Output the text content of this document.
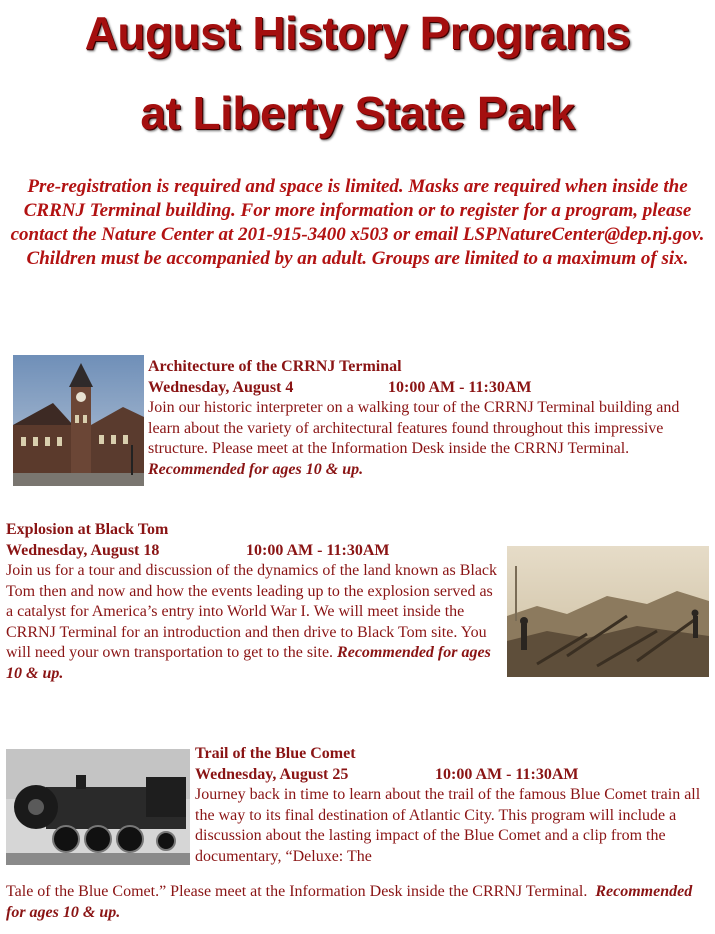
August History Programs
at Liberty State Park
Pre-registration is required and space is limited. Masks are required when inside the CRRNJ Terminal building. For more information or to register for a program, please contact the Nature Center at 201-915-3400 x503 or email LSPNatureCenter@dep.nj.gov. Children must be accompanied by an adult. Groups are limited to a maximum of six.

Architecture of the CRRNJ Terminal

Wednesday, August 4	10:00 AM - 11:30AM

Join our historic interpreter on a walking tour of the CRRNJ Terminal building and learn about the variety of architectural features found throughout this impressive structure. Please meet at the Information Desk inside the CRRNJ Terminal. Recommended for ages 10 & up.

Explosion at Black Tom

Wednesday, August 18	10:00 AM - 11:30AM

Join us for a tour and discussion of the dynamics of the land known as Black Tom then and now and how the events leading up to the explosion served as a catalyst for America’s entry into World War I. We will meet inside the CRRNJ Terminal for an introduction and then drive to Black Tom site. You will need your own transportation to get to the site. Recommended for ages 10 & up.

Trail of the Blue Comet

Wednesday, August 25	10:00 AM - 11:30AM

Journey back in time to learn about the trail of the famous Blue Comet train all the way to its final destination of Atlantic City. This program will include a discussion about the lasting impact of the Blue Comet and a clip from the documentary, “Deluxe: The

Tale of the Blue Comet.” Please meet at the Information Desk inside the CRRNJ Terminal. Recommended for ages 10 & up.
